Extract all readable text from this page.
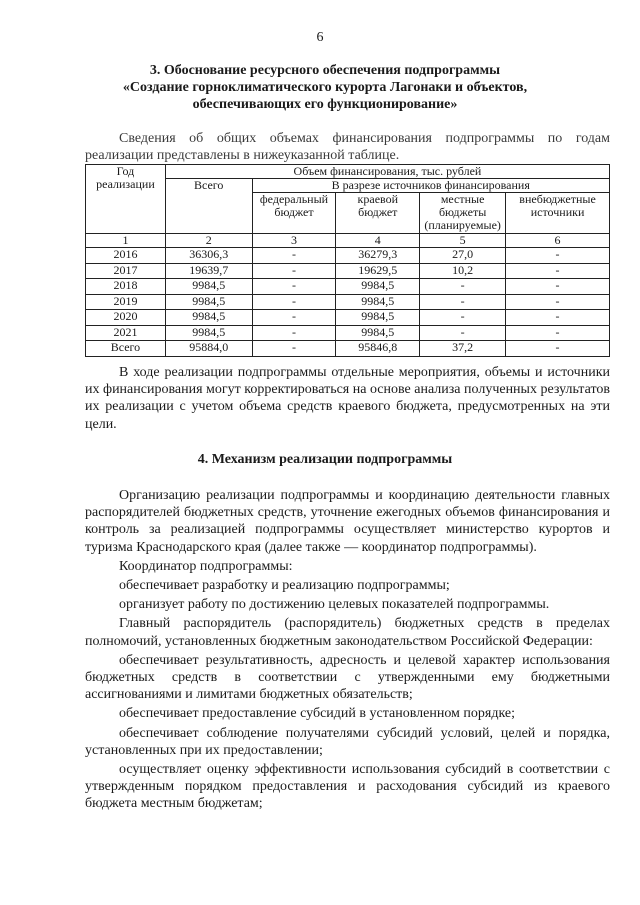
6
3. Обоснование ресурсного обеспечения подпрограммы
«Создание горноклиматического курорта Лагонаки и объектов,
обеспечивающих его функционирование»
Сведения об общих объемах финансирования подпрограммы по годам реализации представлены в нижеуказанной таблице.
Год реализации	Объем финансирования, тыс. рублей				
	Всего	В разрезе источников финансирования			
		федеральный бюджет	краевой бюджет	местные бюджеты (планируемые)	внебюджетные источники
1	2	3	4	5	6
2016	36306,3	-	36279,3	27,0	-
2017	19639,7	-	19629,5	10,2	-
2018	9984,5	-	9984,5	-	-
2019	9984,5	-	9984,5	-	-
2020	9984,5	-	9984,5	-	-
2021	9984,5	-	9984,5	-	-
Всего	95884,0	-	95846,8	37,2	-

В ходе реализации подпрограммы отдельные мероприятия, объемы и источники их финансирования могут корректироваться на основе анализа полученных результатов их реализации с учетом объема средств краевого бюджета, предусмотренных на эти цели.

4. Механизм реализации подпрограммы

Организацию реализации подпрограммы и координацию деятельности главных распорядителей бюджетных средств, уточнение ежегодных объемов финансирования и контроль за реализацией подпрограммы осуществляет министерство курортов и туризма Краснодарского края (далее также — координатор подпрограммы).

Координатор подпрограммы:

обеспечивает разработку и реализацию подпрограммы;

организует работу по достижению целевых показателей подпрограммы.

Главный распорядитель (распорядитель) бюджетных средств в пределах полномочий, установленных бюджетным законодательством Российской Федерации:

обеспечивает результативность, адресность и целевой характер использования бюджетных средств в соответствии с утвержденными ему бюджетными ассигнованиями и лимитами бюджетных обязательств;

обеспечивает предоставление субсидий в установленном порядке;

обеспечивает соблюдение получателями субсидий условий, целей и порядка, установленных при их предоставлении;

осуществляет оценку эффективности использования субсидий в соответствии с утвержденным порядком предоставления и расходования субсидий из краевого бюджета местным бюджетам;
